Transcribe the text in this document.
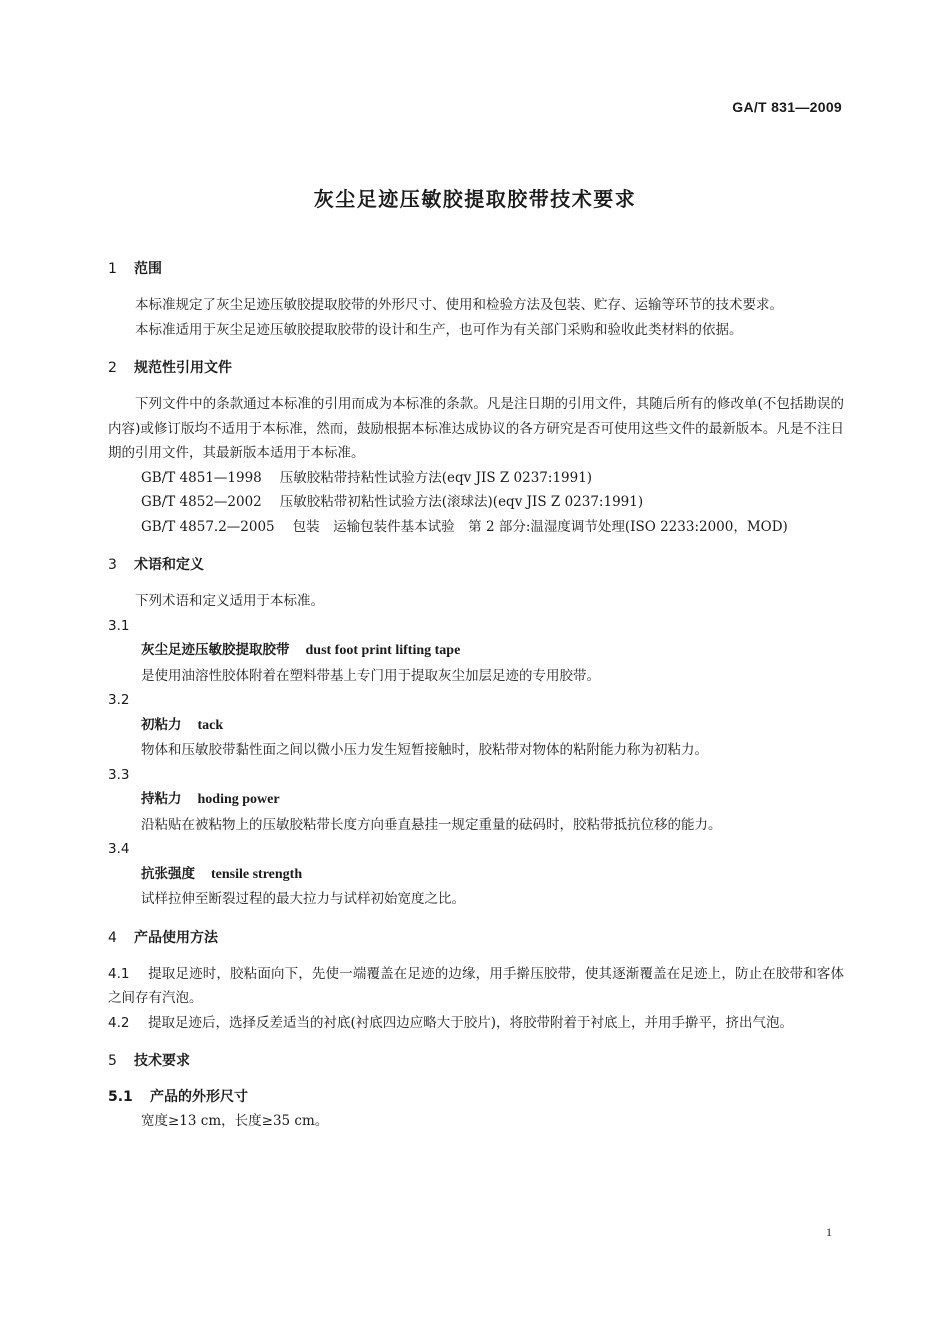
GA/T 831—2009
灰尘足迹压敏胶提取胶带技术要求
1 范围

本标准规定了灰尘足迹压敏胶提取胶带的外形尺寸、使用和检验方法及包装、贮存、运输等环节的技术要求。

本标准适用于灰尘足迹压敏胶提取胶带的设计和生产，也可作为有关部门采购和验收此类材料的依据。

2 规范性引用文件

下列文件中的条款通过本标准的引用而成为本标准的条款。凡是注日期的引用文件，其随后所有的修改单(不包括勘误的内容)或修订版均不适用于本标准，然而，鼓励根据本标准达成协议的各方研究是否可使用这些文件的最新版本。凡是不注日期的引用文件，其最新版本适用于本标准。

GB/T 4851—1998 压敏胶粘带持粘性试验方法(eqv JIS Z 0237:1991)

GB/T 4852—2002 压敏胶粘带初粘性试验方法(滚球法)(eqv JIS Z 0237:1991)

GB/T 4857.2—2005 包装　运输包装件基本试验　第 2 部分:温湿度调节处理(ISO 2233:2000，MOD)

3 术语和定义

下列术语和定义适用于本标准。

3.1
灰尘足迹压敏胶提取胶带 dust foot print lifting tape
是使用油溶性胶体附着在塑料带基上专门用于提取灰尘加层足迹的专用胶带。
3.2
初粘力 tack
物体和压敏胶带黏性面之间以微小压力发生短暂接触时，胶粘带对物体的粘附能力称为初粘力。
3.3
持粘力 hoding power
沿粘贴在被粘物上的压敏胶粘带长度方向垂直悬挂一规定重量的砝码时，胶粘带抵抗位移的能力。
3.4
抗张强度 tensile strength
试样拉伸至断裂过程的最大拉力与试样初始宽度之比。
4 产品使用方法

4.1 提取足迹时，胶粘面向下，先使一端覆盖在足迹的边缘，用手擀压胶带，使其逐渐覆盖在足迹上，防止在胶带和客体之间存有汽泡。

4.2 提取足迹后，选择反差适当的衬底(衬底四边应略大于胶片)，将胶带附着于衬底上，并用手擀平，挤出气泡。

5 技术要求
5.1 产品的外形尺寸
宽度≥13 cm，长度≥35 cm。
1
